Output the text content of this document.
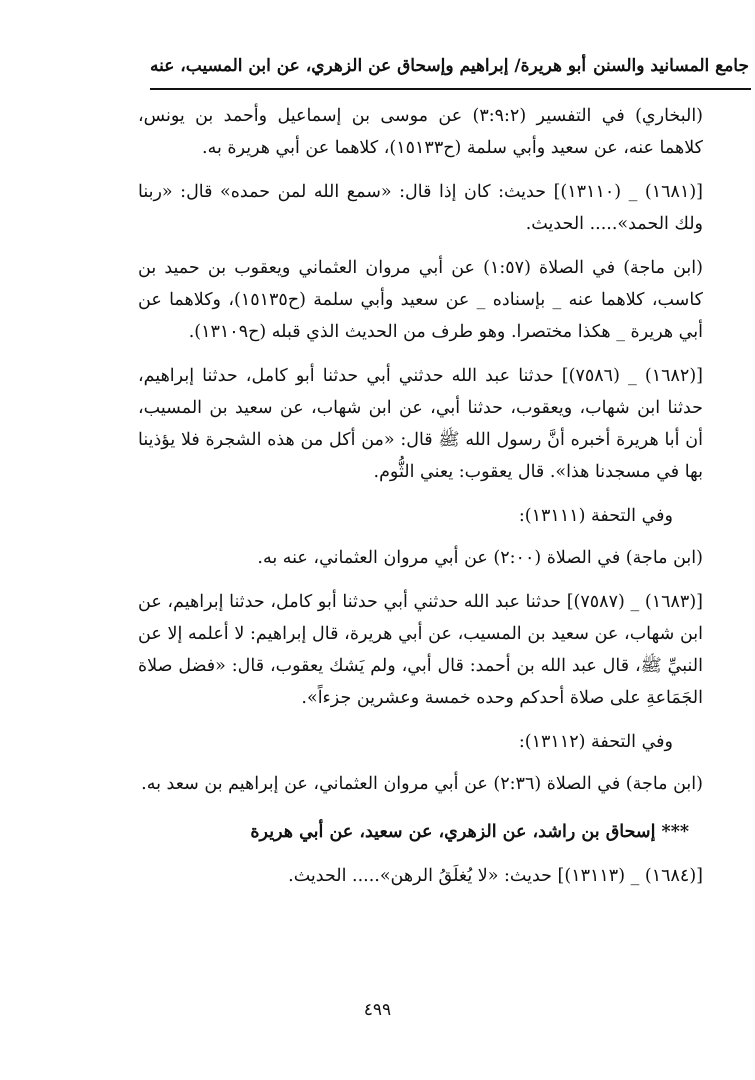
جامع المسانيد والسنن
أبو هريرة/ إبراهيم وإسحاق عن الزهري، عن ابن المسيب، عنه

(البخاري) في التفسير (٣:٩:٢) عن موسى بن إسماعيل وأحمد بن يونس، كلاهما عنه، عن سعيد وأبي سلمة (ح١٥١٣٣)، كلاهما عن أبي هريرة به.

[(١٦٨١) _ (١٣١١٠)] حديث: كان إذا قال: «سمع الله لمن حمده» قال: «ربنا ولك الحمد»..... الحديث.

(ابن ماجة) في الصلاة (١:٥٧) عن أبي مروان العثماني ويعقوب بن حميد بن كاسب، كلاهما عنه _ بإسناده _ عن سعيد وأبي سلمة (ح١٥١٣٥)، وكلاهما عن أبي هريرة _ هكذا مختصرا. وهو طرف من الحديث الذي قبله (ح١٣١٠٩).

[(١٦٨٢) _ (٧٥٨٦)] حدثنا عبد الله حدثني أبي حدثنا أبو كامل، حدثنا إبراهيم، حدثنا ابن شهاب، ويعقوب، حدثنا أبي، عن ابن شهاب، عن سعيد بن المسيب، أن أبا هريرة أخبره أنَّ رسول الله ﷺ قال: «من أكل من هذه الشجرة فلا يؤذينا بها في مسجدنا هذا». قال يعقوب: يعني الثُّوم.

وفي التحفة (١٣١١١):

(ابن ماجة) في الصلاة (٢:٠٠) عن أبي مروان العثماني، عنه به.

[(١٦٨٣) _ (٧٥٨٧)] حدثنا عبد الله حدثني أبي حدثنا أبو كامل، حدثنا إبراهيم، عن ابن شهاب، عن سعيد بن المسيب، عن أبي هريرة، قال إبراهيم: لا أعلمه إلا عن النبيِّ ﷺ، قال عبد الله بن أحمد: قال أبي، ولم يَشك يعقوب، قال: «فضل صلاة الجَمَاعةِ على صلاة أحدكم وحده خمسة وعشرين جزءاً».

وفي التحفة (١٣١١٢):

(ابن ماجة) في الصلاة (٢:٣٦) عن أبي مروان العثماني، عن إبراهيم بن سعد به.

*** إسحاق بن راشد، عن الزهري، عن سعيد، عن أبي هريرة

[(١٦٨٤) _ (١٣١١٣)] حديث: «لا يُغلَقُ الرهن»..... الحديث.

٤٩٩
